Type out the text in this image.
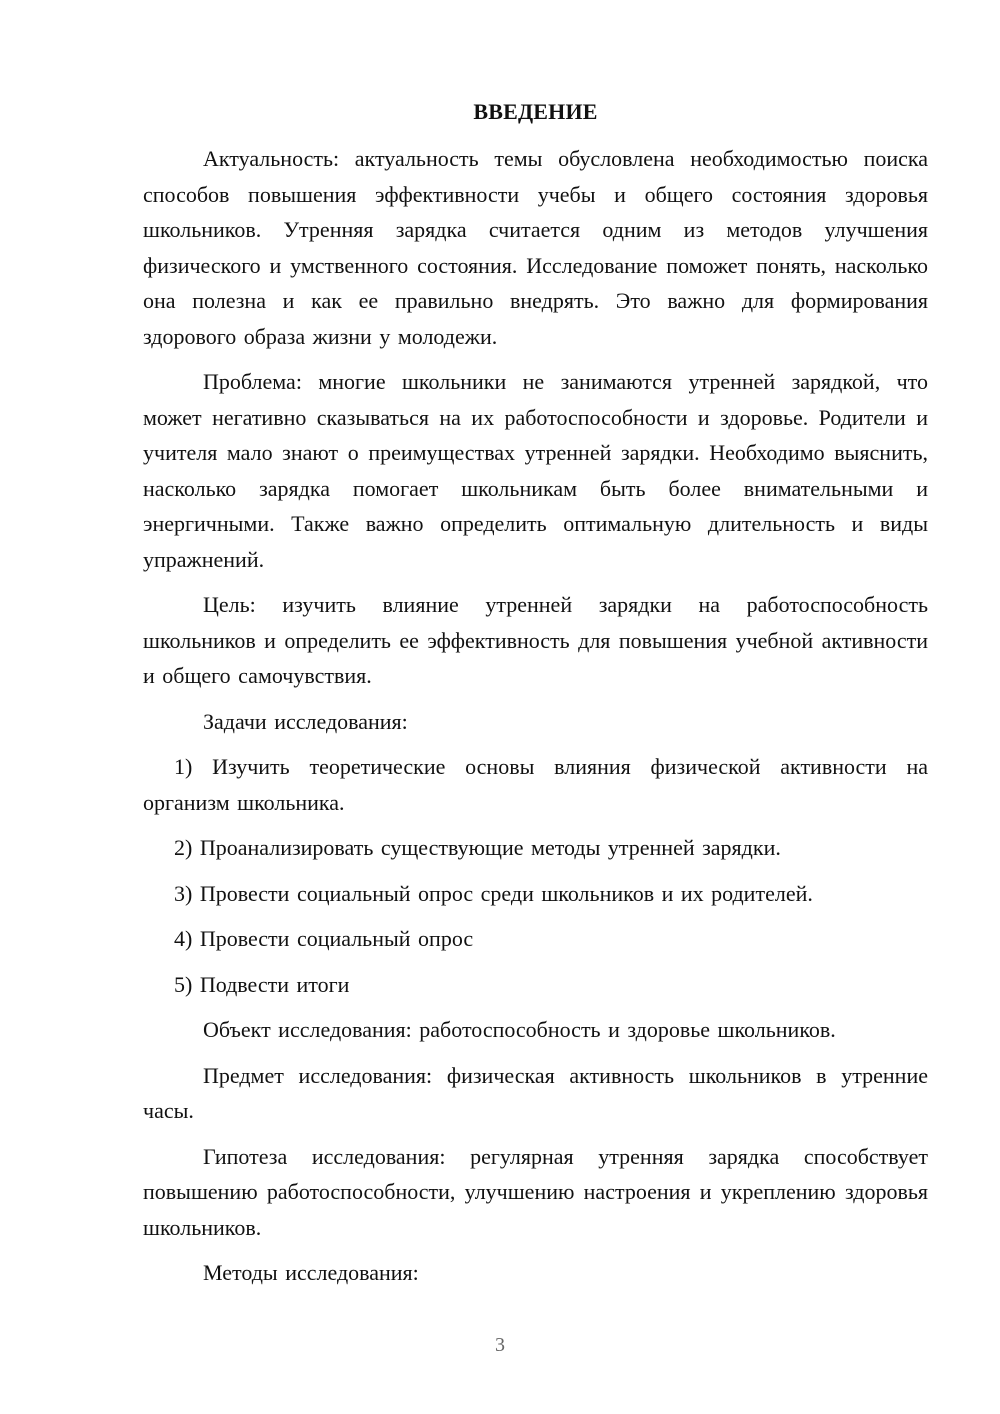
ВВЕДЕНИЕ

Актуальность: актуальность темы обусловлена необходимостью поиска способов повышения эффективности учебы и общего состояния здоровья школьников. Утренняя зарядка считается одним из методов улучшения физического и умственного состояния. Исследование поможет понять, насколько она полезна и как ее правильно внедрять. Это важно для формирования здорового образа жизни у молодежи.

Проблема: многие школьники не занимаются утренней зарядкой, что может негативно сказываться на их работоспособности и здоровье. Родители и учителя мало знают о преимуществах утренней зарядки. Необходимо выяснить, насколько зарядка помогает школьникам быть более внимательными и энергичными. Также важно определить оптимальную длительность и виды упражнений.

Цель: изучить влияние утренней зарядки на работоспособность школьников и определить ее эффективность для повышения учебной активности и общего самочувствия.

Задачи исследования:

1) Изучить теоретические основы влияния физической активности на организм школьника.

2) Проанализировать существующие методы утренней зарядки.

3) Провести социальный опрос среди школьников и их родителей.

4) Провести социальный опрос

5) Подвести итоги

Объект исследования: работоспособность и здоровье школьников.

Предмет исследования: физическая активность школьников в утренние часы.

Гипотеза исследования: регулярная утренняя зарядка способствует повышению работоспособности, улучшению настроения и укреплению здоровья школьников.

Методы исследования:

3
